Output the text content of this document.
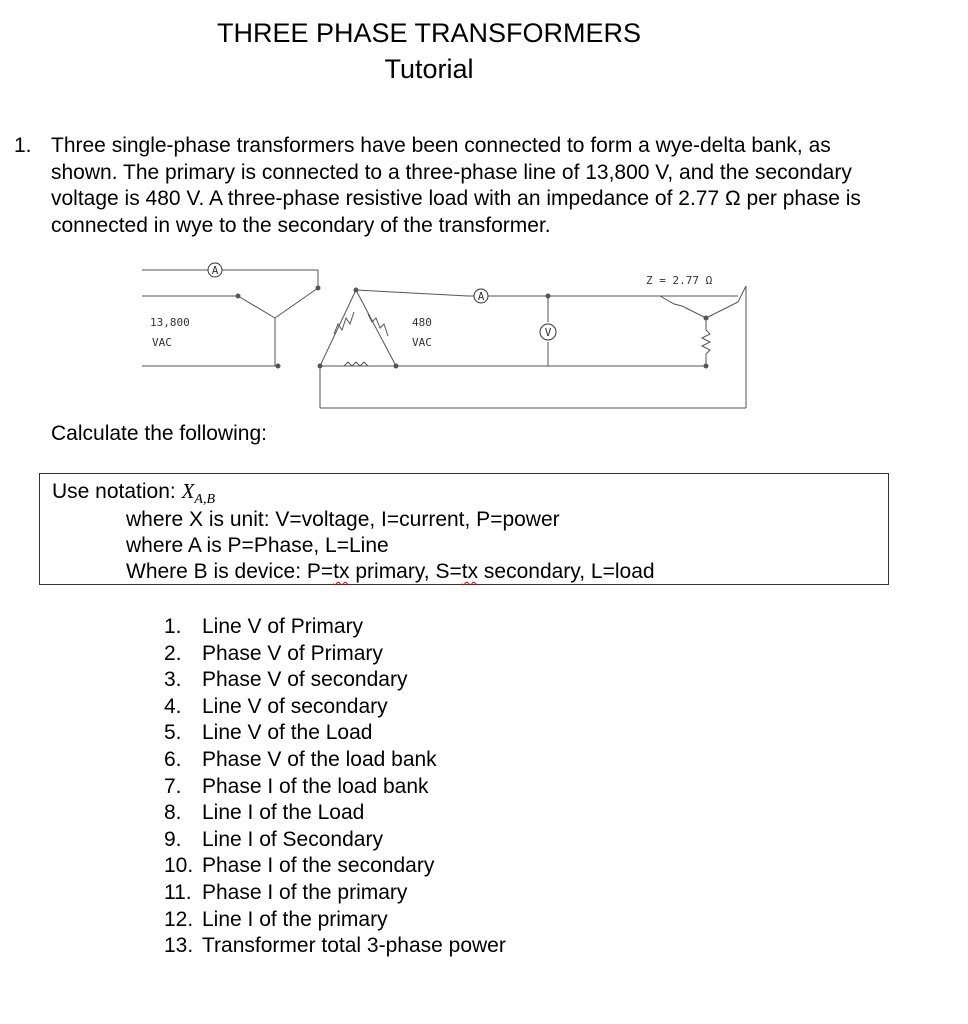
THREE PHASE TRANSFORMERS
Tutorial
1. Three single-phase transformers have been connected to form a wye-delta bank, as shown. The primary is connected to a three-phase line of 13,800 V, and the secondary voltage is 480 V. A three-phase resistive load with an impedance of 2.77 Ω per phase is connected in wye to the secondary of the transformer.
A
A
V
13,800
VAC
480
VAC
Z = 2.77 Ω
Calculate the following:
Use notation: $X_{A,B}$
where X is unit: V=voltage, I=current, P=power
where A is P=Phase, L=Line
Where B is device: P=tx primary, S=tx secondary, L=load
1. Line V of Primary
2. Phase V of Primary
3. Phase V of secondary
4. Line V of secondary
5. Line V of the Load
6. Phase V of the load bank
7. Phase I of the load bank
8. Line I of the Load
9. Line I of Secondary
10. Phase I of the secondary
11. Phase I of the primary
12. Line I of the primary
13. Transformer total 3-phase power
